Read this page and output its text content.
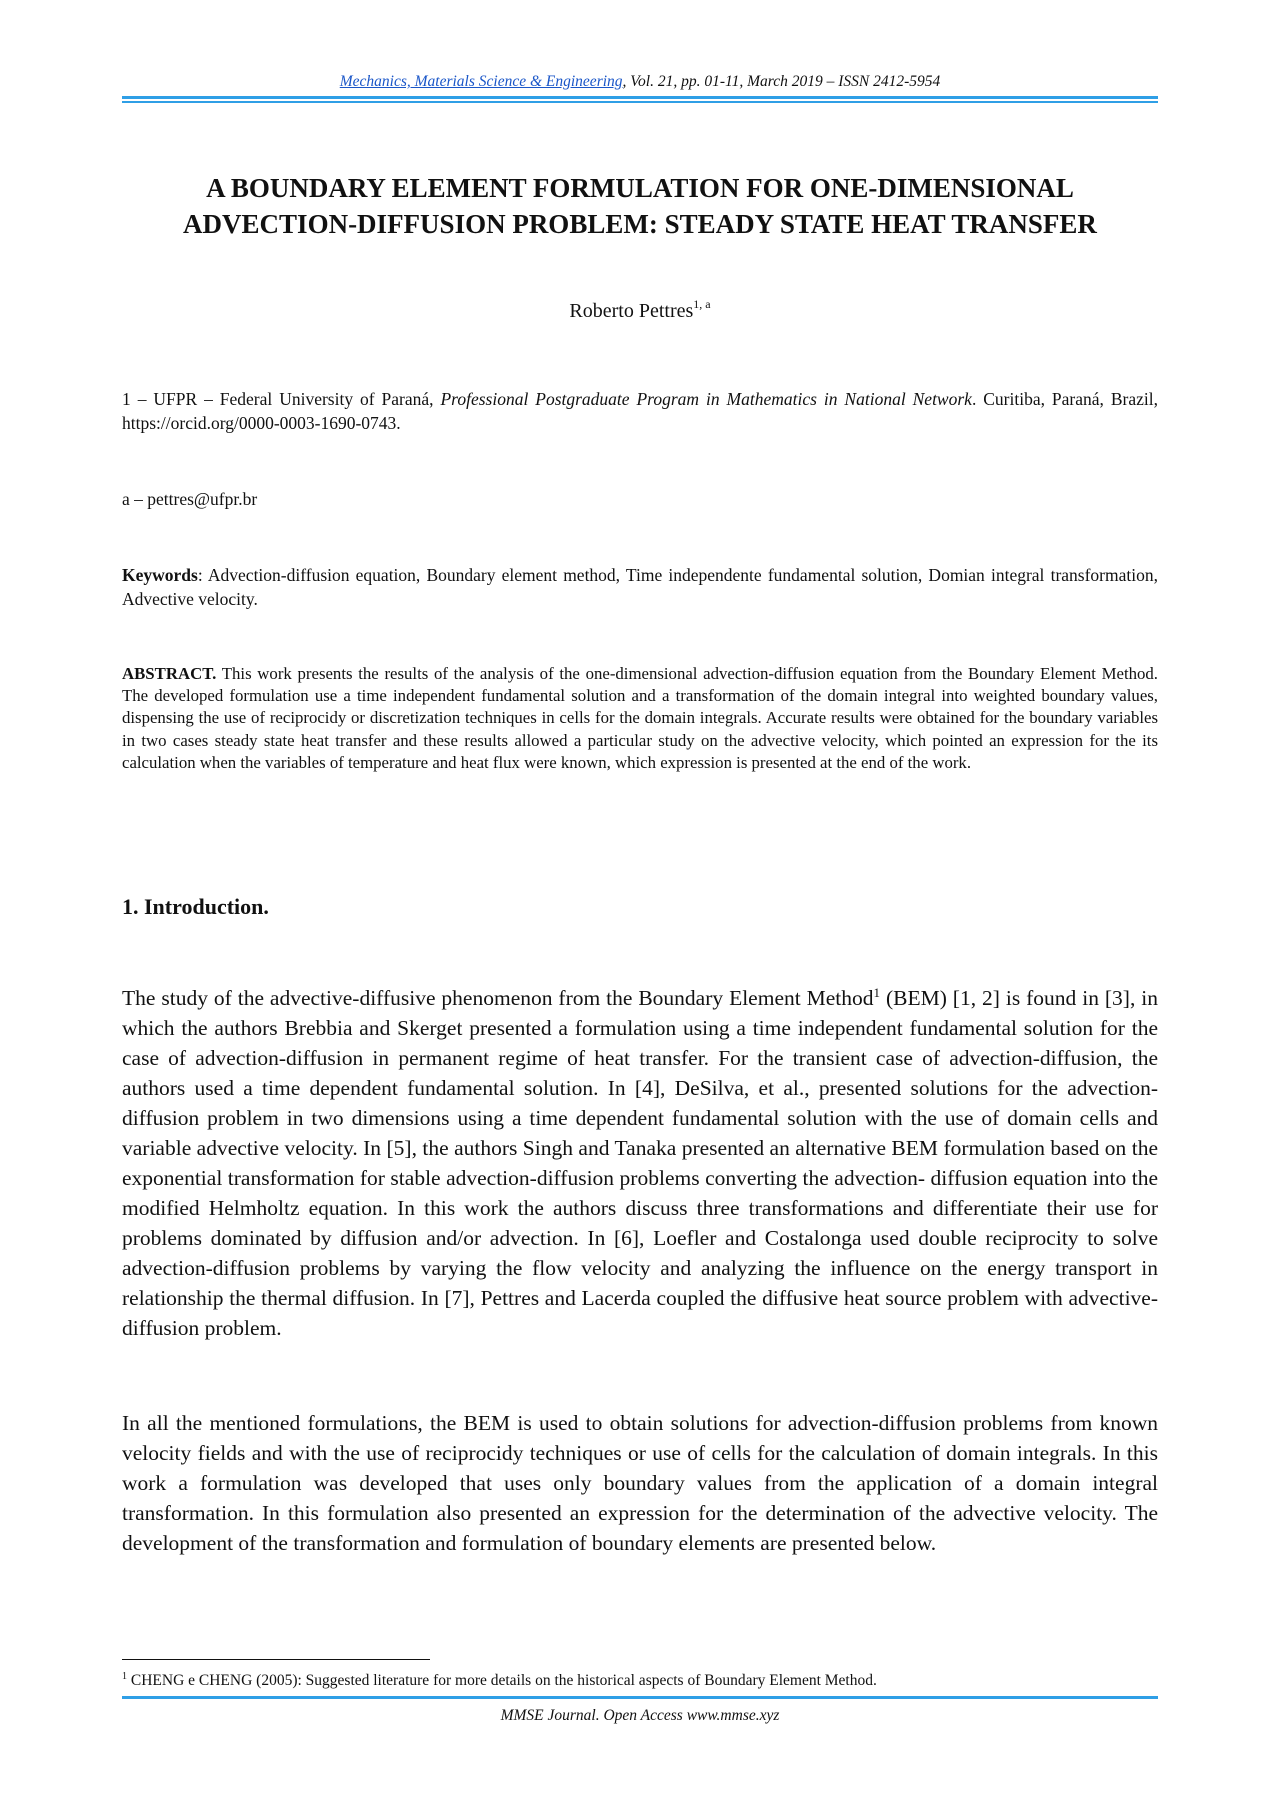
Mechanics, Materials Science & Engineering, Vol. 21, pp. 01-11, March 2019 – ISSN 2412-5954
A BOUNDARY ELEMENT FORMULATION FOR ONE-DIMENSIONAL
ADVECTION-DIFFUSION PROBLEM: STEADY STATE HEAT TRANSFER
Roberto Pettres$^{1, a}$
1 – UFPR – Federal University of Paraná, Professional Postgraduate Program in Mathematics in National Network. Curitiba, Paraná, Brazil, https://orcid.org/0000-0003-1690-0743.
a – pettres@ufpr.br
Keywords: Advection-diffusion equation, Boundary element method, Time independente fundamental solution, Domian integral transformation, Advective velocity.
ABSTRACT. This work presents the results of the analysis of the one-dimensional advection-diffusion equation from the Boundary Element Method. The developed formulation use a time independent fundamental solution and a transformation of the domain integral into weighted boundary values, dispensing the use of reciprocidy or discretization techniques in cells for the domain integrals. Accurate results were obtained for the boundary variables in two cases steady state heat transfer and these results allowed a particular study on the advective velocity, which pointed an expression for the its calculation when the variables of temperature and heat flux were known, which expression is presented at the end of the work.
1. Introduction.
The study of the advective-diffusive phenomenon from the Boundary Element Method$^1$ (BEM) [1, 2] is found in [3], in which the authors Brebbia and Skerget presented a formulation using a time independent fundamental solution for the case of advection-diffusion in permanent regime of heat transfer. For the transient case of advection-diffusion, the authors used a time dependent fundamental solution. In [4], DeSilva, et al., presented solutions for the advection-diffusion problem in two dimensions using a time dependent fundamental solution with the use of domain cells and variable advective velocity. In [5], the authors Singh and Tanaka presented an alternative BEM formulation based on the exponential transformation for stable advection-diffusion problems converting the advection- diffusion equation into the modified Helmholtz equation. In this work the authors discuss three transformations and differentiate their use for problems dominated by diffusion and/or advection. In [6], Loefler and Costalonga used double reciprocity to solve advection-diffusion problems by varying the flow velocity and analyzing the influence on the energy transport in relationship the thermal diffusion. In [7], Pettres and Lacerda coupled the diffusive heat source problem with advective-diffusion problem.
In all the mentioned formulations, the BEM is used to obtain solutions for advection-diffusion problems from known velocity fields and with the use of reciprocidy techniques or use of cells for the calculation of domain integrals. In this work a formulation was developed that uses only boundary values from the application of a domain integral transformation. In this formulation also presented an expression for the determination of the advective velocity. The development of the transformation and formulation of boundary elements are presented below.
$^1$ CHENG e CHENG (2005): Suggested literature for more details on the historical aspects of Boundary Element Method.
MMSE Journal. Open Access www.mmse.xyz
